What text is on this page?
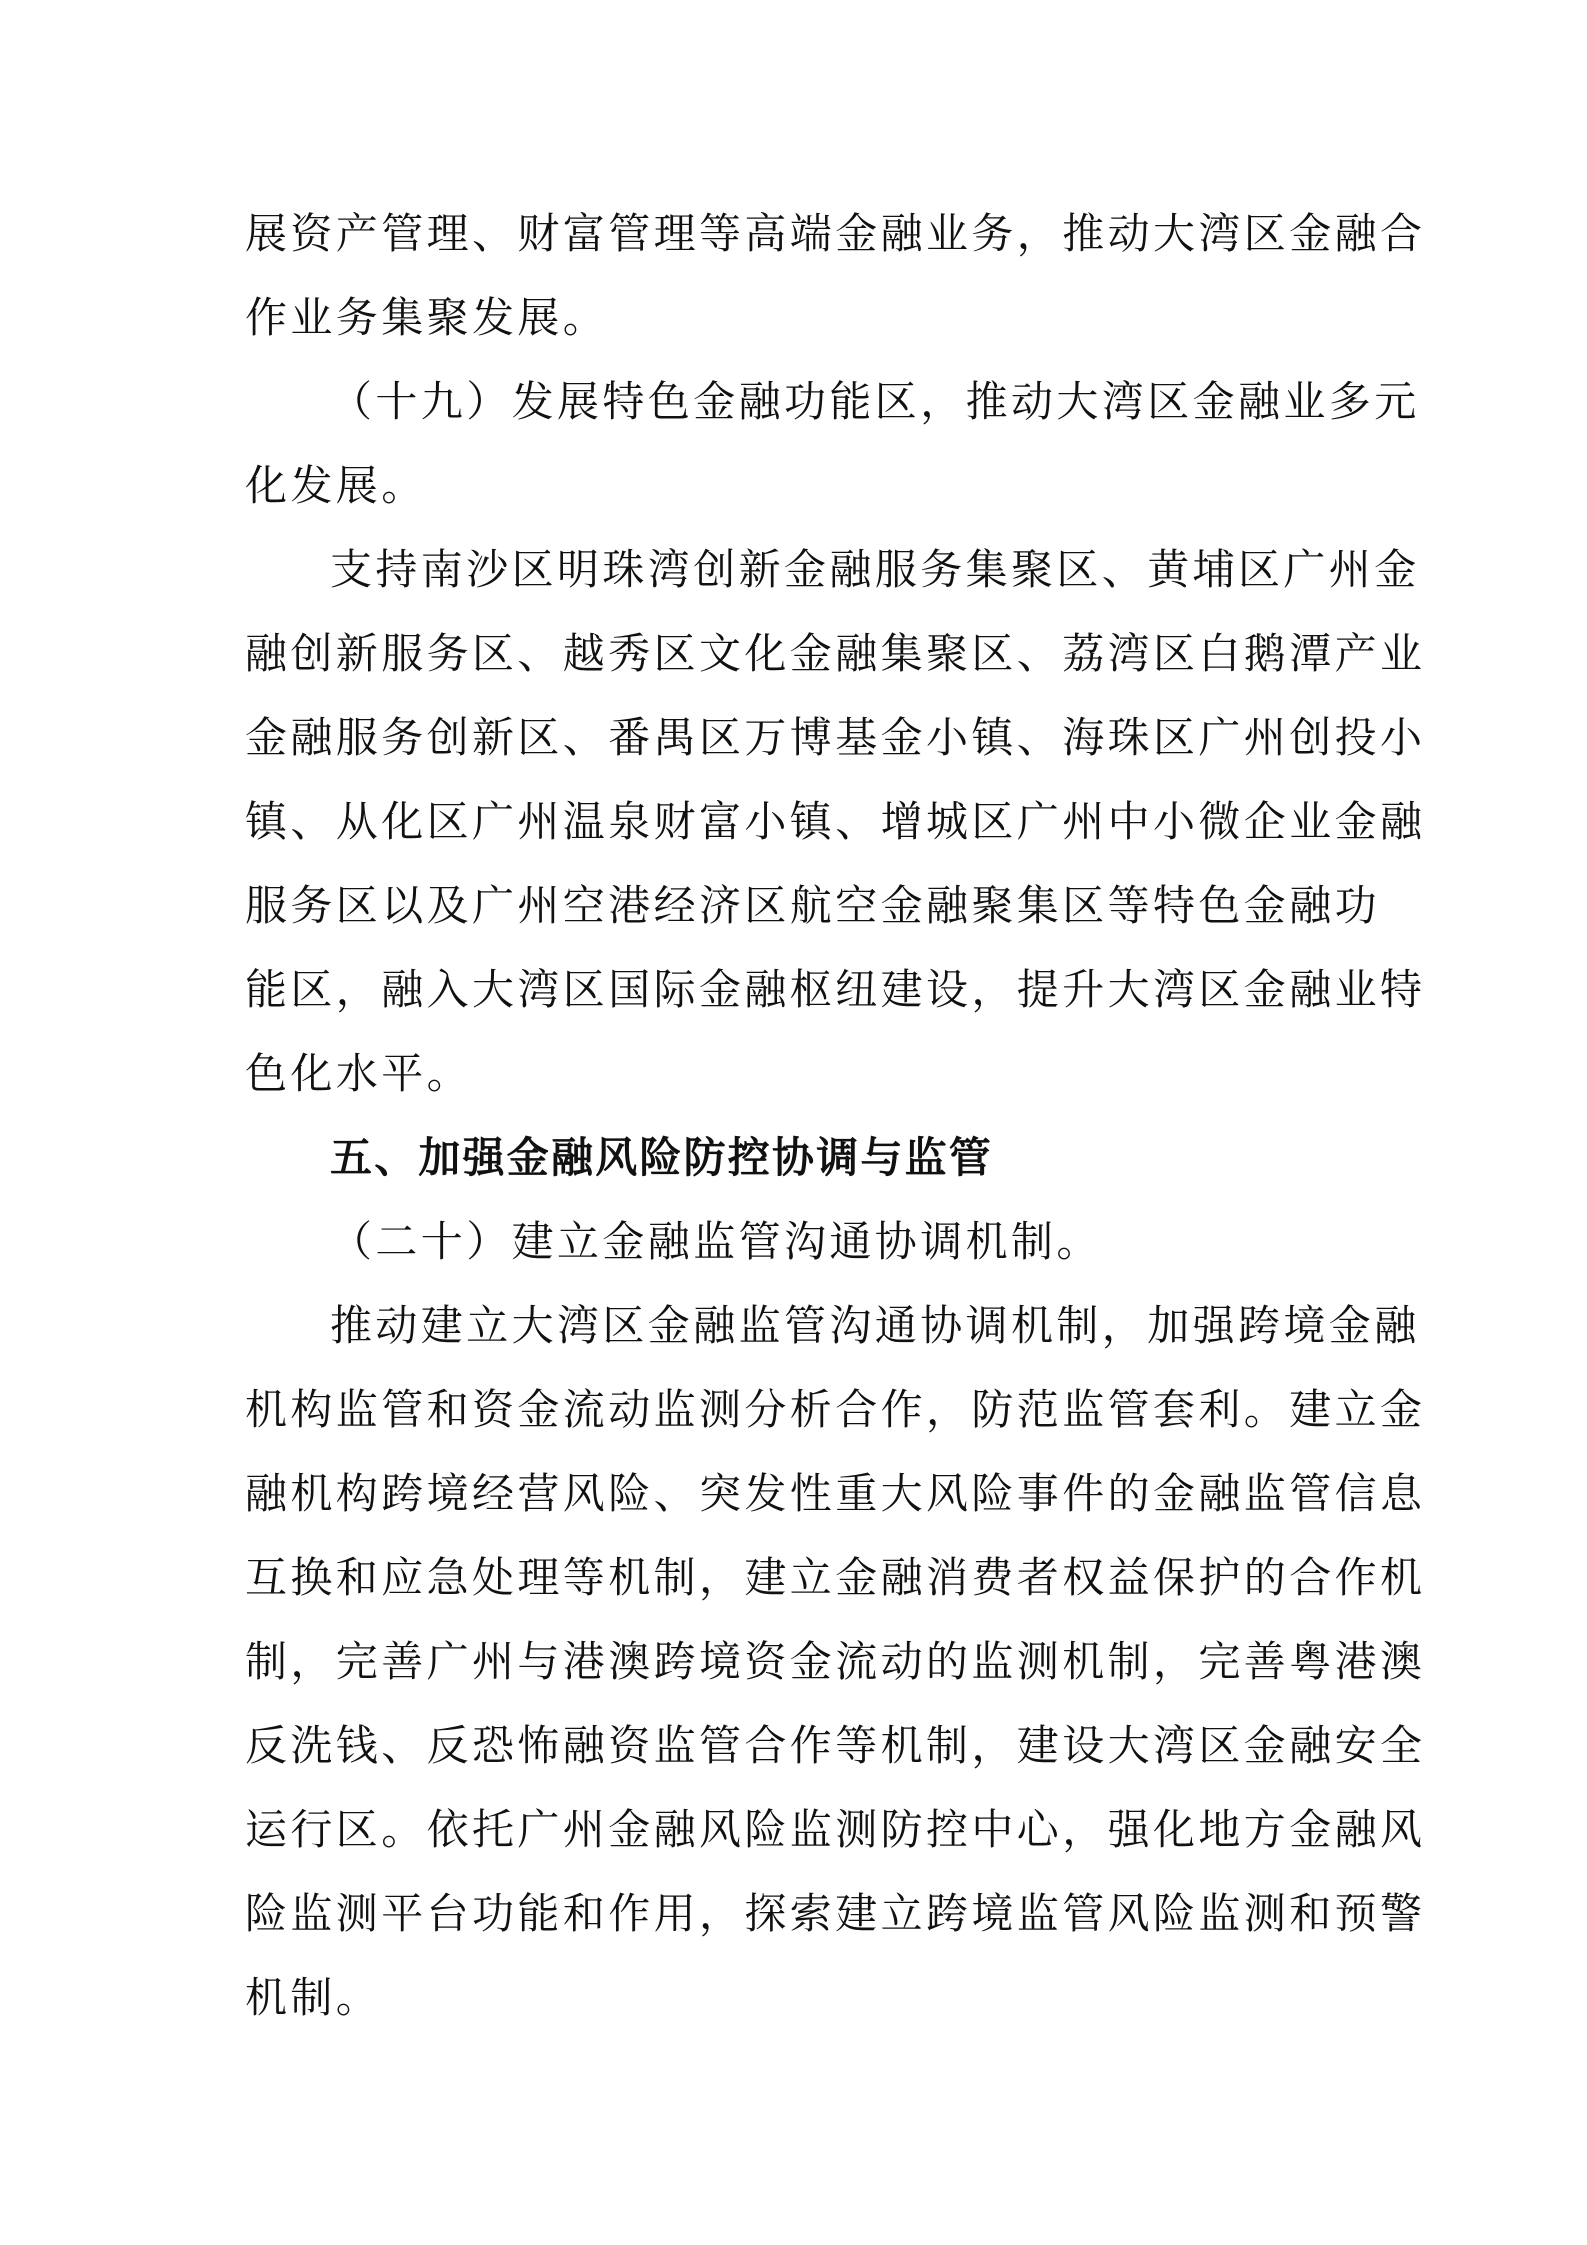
展资产管理、财富管理等高端金融业务，推动大湾区金融合
作业务集聚发展。
（十九）发展特色金融功能区，推动大湾区金融业多元
化发展。
支持南沙区明珠湾创新金融服务集聚区、黄埔区广州金
融创新服务区、越秀区文化金融集聚区、荔湾区白鹅潭产业
金融服务创新区、番禺区万博基金小镇、海珠区广州创投小
镇、从化区广州温泉财富小镇、增城区广州中小微企业金融
服务区以及广州空港经济区航空金融聚集区等特色金融功
能区，融入大湾区国际金融枢纽建设，提升大湾区金融业特
色化水平。
五、加强金融风险防控协调与监管
（二十）建立金融监管沟通协调机制。
推动建立大湾区金融监管沟通协调机制，加强跨境金融
机构监管和资金流动监测分析合作，防范监管套利。建立金
融机构跨境经营风险、突发性重大风险事件的金融监管信息
互换和应急处理等机制，建立金融消费者权益保护的合作机
制，完善广州与港澳跨境资金流动的监测机制，完善粤港澳
反洗钱、反恐怖融资监管合作等机制，建设大湾区金融安全
运行区。依托广州金融风险监测防控中心，强化地方金融风
险监测平台功能和作用，探索建立跨境监管风险监测和预警
机制。
